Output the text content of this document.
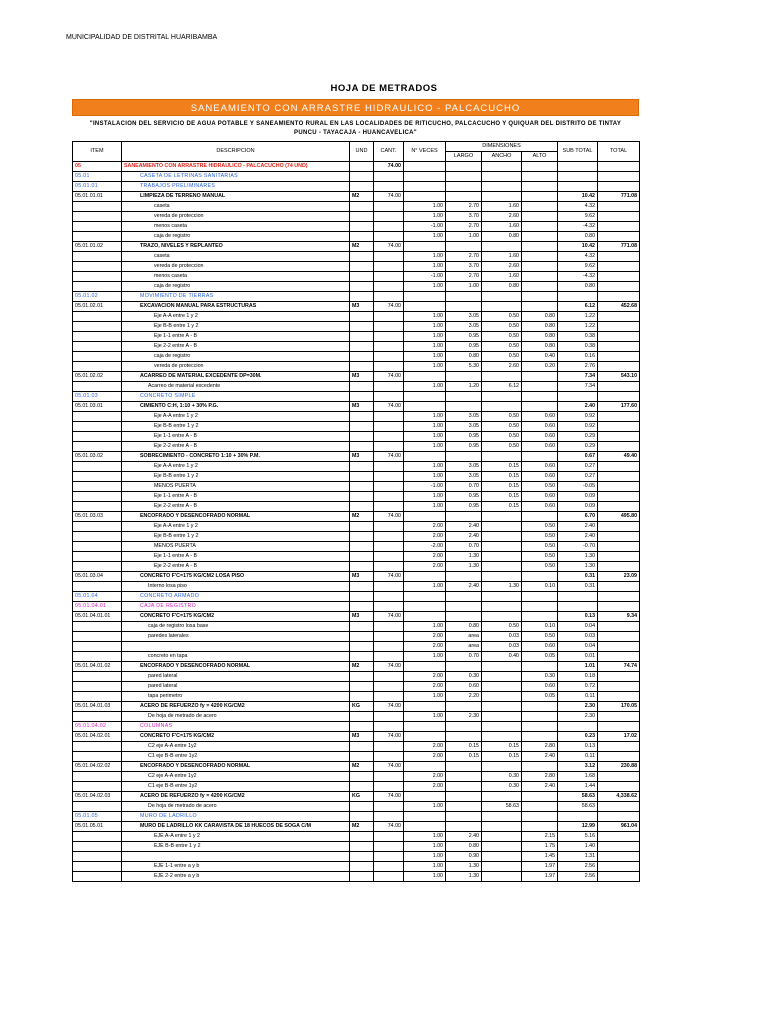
MUNICIPALIDAD DE DISTRITAL HUARIBAMBA
HOJA DE METRADOS
SANEAMIENTO CON ARRASTRE HIDRAULICO - PALCACUCHO
"INSTALACION DEL SERVICIO DE AGUA POTABLE Y SANEAMIENTO RURAL EN LAS LOCALIDADES DE RITICUCHO, PALCACUCHO Y QUIQUAR DEL DISTRITO DE TINTAY
PUNCU - TAYACAJA - HUANCAVELICA"
ITEM	DESCRIPCION	UND	CANT.	N° VECES	DIMENSIONES			SUB TOTAL	TOTAL
					LARGO	ANCHO	ALTO		
05	SANEAMIENTO CON ARRASTRE HIDRAULICO - PALCACUCHO (74 UND)		74.00						
05.01	CASETA DE LETRINAS SANITARIAS								
05.01.01	TRABAJOS PRELIMINARES								
05.01.01.01	LIMPIEZA DE TERRENO MANUAL	M2	74.00					10.42	771.08
	caseta			1.00	2.70	1.60		4.32	
	vereda de proteccion			1.00	3.70	2.60		9.62	
	menos caseta			-1.00	2.70	1.60		-4.32	
	caja de registro			1.00	1.00	0.80		0.80	
05.01.01.02	TRAZO, NIVELES Y REPLANTEO	M2	74.00					10.42	771.08
	caseta			1.00	2.70	1.60		4.32	
	vereda de proteccion			1.00	3.70	2.60		9.62	
	menos caseta			-1.00	2.70	1.60		-4.32	
	caja de registro			1.00	1.00	0.80		0.80	
05.01.02	MOVIMIENTO DE TIERRAS								
05.01.02.01	EXCAVACION MANUAL PARA ESTRUCTURAS	M3	74.00					6.12	452.68
	Eje A-A entre 1 y 2			1.00	3.05	0.50	0.80	1.22	
	Eje B-B entre 1 y 2			1.00	3.05	0.50	0.80	1.22	
	Eje 1-1 entre A - B			1.00	0.95	0.50	0.80	0.38	
	Eje 2-2 entre A - B			1.00	0.95	0.50	0.80	0.38	
	caja de registro			1.00	0.80	0.50	0.40	0.16	
	vereda de proteccion			1.00	5.30	2.60	0.20	2.76	
05.01.02.02	ACARREO DE MATERIAL EXCEDENTE DP=30M.	M3	74.00					7.34	543.10
	Acarreo de material excedente			1.00	1.20	6.12		7.34	
05.01.03	CONCRETO SIMPLE								
05.01.03.01	CIMIENTO C:H, 1:10 + 30% P.G.	M3	74.00					2.40	177.60
	Eje A-A entre 1 y 2			1.00	3.05	0.50	0.60	0.92	
	Eje B-B entre 1 y 2			1.00	3.05	0.50	0.60	0.92	
	Eje 1-1 entre A - B			1.00	0.95	0.50	0.60	0.29	
	Eje 2-2 entre A - B			1.00	0.95	0.50	0.60	0.29	
05.01.03.02	SOBRECIMIENTO - CONCRETO 1:10 + 30% P.M.	M3	74.00					0.67	49.40
	Eje A-A entre 1 y 2			1.00	3.05	0.15	0.60	0.27	
	Eje B-B entre 1 y 2			1.00	3.05	0.15	0.60	0.27	
	MENOS PUERTA			-1.00	0.70	0.15	0.50	-0.05	
	Eje 1-1 entre A - B			1.00	0.95	0.15	0.60	0.09	
	Eje 2-2 entre A - B			1.00	0.95	0.15	0.60	0.09	
05.01.03.03	ENCOFRADO Y DESENCOFRADO NORMAL	M2	74.00					6.70	495.80
	Eje A-A entre 1 y 2			2.00	2.40		0.50	2.40	
	Eje B-B entre 1 y 2			2.00	2.40		0.50	2.40	
	MENOS PUERTA			-2.00	0.70		0.50	-0.70	
	Eje 1-1 entre A - B			2.00	1.30		0.50	1.30	
	Eje 2-2 entre A - B			2.00	1.30		0.50	1.30	
05.01.03.04	CONCRETO F'C=175 KG/CM2 LOSA PISO	M3	74.00					0.31	23.09
	Interno losa piso			1.00	2.40	1.30	0.10	0.31	
05.01.04	CONCRETO ARMADO								
05.01.04.01	CAJA DE REGISTRO								
05.01.04.01.01	CONCRETO F'C=175 KG/CM2	M3	74.00					0.13	9.34
	caja de registro losa base			1.00	0.80	0.50	0.10	0.04	
	paredes laterales			2.00	area	0.03	0.50	0.03	
				2.00	area	0.03	0.60	0.04	
	concreto en tapa			1.00	0.70	0.40	0.05	0.01	
05.01.04.01.02	ENCOFRADO Y DESENCOFRADO NORMAL	M2	74.00					1.01	74.74
	pared lateral			2.00	0.30		0.30	0.18	
	pared lateral			2.00	0.60		0.60	0.72	
	tapa perimetro			1.00	2.20		0.05	0.11	
05.01.04.01.03	ACERO DE REFUERZO fy = 4200 KG/CM2	KG	74.00					2.30	170.05
	De hoja de metrado de acero			1.00	2.30			2.30	
05.01.04.02	COLUMNAS								
05.01.04.02.01	CONCRETO F'C=175 KG/CM2	M3	74.00					0.23	17.02
	C2 eje A-A entre 1y2			2.00	0.15	0.15	2.80	0.13	
	C1 eje B-B entre 1y2			2.00	0.15	0.15	2.40	0.11	
05.01.04.02.02	ENCOFRADO Y DESENCOFRADO NORMAL	M2	74.00					3.12	230.88
	C2 eje A-A entre 1y2			2.00		0.30	2.80	1.68	
	C1 eje B-B entre 1y2			2.00		0.30	2.40	1.44	
05.01.04.02.03	ACERO DE REFUERZO fy = 4200 KG/CM2	KG	74.00					58.63	4,338.62
	De hoja de metrado de acero			1.00		58.63		58.63	
05.01.05	MURO DE LADRILLO								
05.01.05.01	MURO DE LADRILLO KK CARAVISTA DE 18 HUECOS DE SOGA C/M	M2	74.00					12.99	961.04
	EJE A-A entre 1 y 2			1.00	2.40		2.15	5.16	
	EJE B-B entre 1 y 2			1.00	0.80		1.75	1.40	
				1.00	0.90		1.45	1.31	
	EJE 1-1 entre a y b			1.00	1.30		1.97	2.56	
	EJE 2-2 entre a y b			1.00	1.30		1.97	2.56	
